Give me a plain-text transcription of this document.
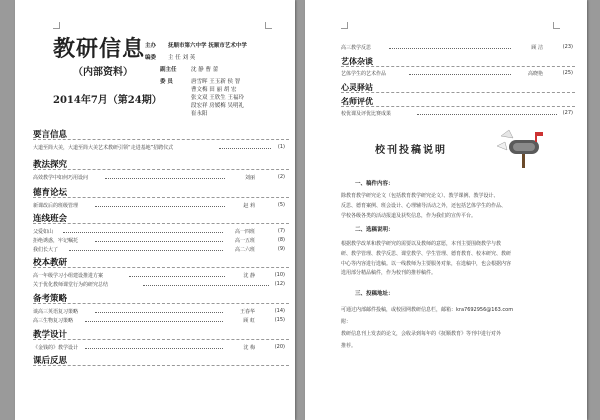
教研信息
（内部资料）
2014年7月（第24期）
主办 抚顺市第六中学 抚顺市艺术中学
编委 主 任 刘 英
副主任	沈 静 曹 蕾
委 员	唐雪晖 王玉新 侯 智
曹文梅 田 丽 胡 宏
张文双 王欣生 王福玲
段宏祥 房媛梅 吴明礼
崔永阳
要言信息
大道至简大美，大道至简大美艺术教研引领“走进基地”招聘仪式	(1)
教法探究
高效教学中如何巧用设问	刘丽	(2)
德育论坛
新课改后的班级管理	赵 莉	(5)
连线班会
父爱如山	高一四班	(7)
拒绝诱惑，牢记嘱托	高一五班	(8)
我们长大了	高二六班	(9)
校本教研
高一年级学习小组建设推进方案	沈 静	(10)
关于优化教师课堂行为的研究总结	(12)
备考策略
谈高三英语复习策略	王春华	(14)
高三生物复习策略	顾 虹	(15)
教学设计
《金钱的》教学设计	沈 梅	(20)
课后反思
高三教学反思	顾 洁	(23)
艺体杂谈
艺体学生的艺术作品	高晓艳	(25)
心灵驿站
名师评优
校优课及评优比赛成果	(27)
校刊投稿说明
一、稿件内容：

除教育教学研究论文（包括教育教学研究论文）、教学课例、教学设计、

反思、德育案例、班会设计、心理辅导活动之外，还包括艺体学生的作品、

学校各级各类的活动报道及获奖信息，作为我们的宣传平台。

二、选稿说明：

根据教学改革和教学研究的需要以及教师的意愿，本刊主要围绕教学与教

研、教学管理、教学反思、课堂教学、学生管理、德育教育、校本研究、教研

中心等内容进行选稿。以一线教师为主要服务对象，在选稿中，也会根据内容

选用部分精品稿件，作为校刊的推荐稿件。

三、投稿地址：

可通过内部邮件投稿，或校园网教研信息栏，邮箱：kra7692956@163.com

附：

教研信息刊上发表的论文，会收录到每年的《抚顺教育》等刊中进行对外

推荐。
